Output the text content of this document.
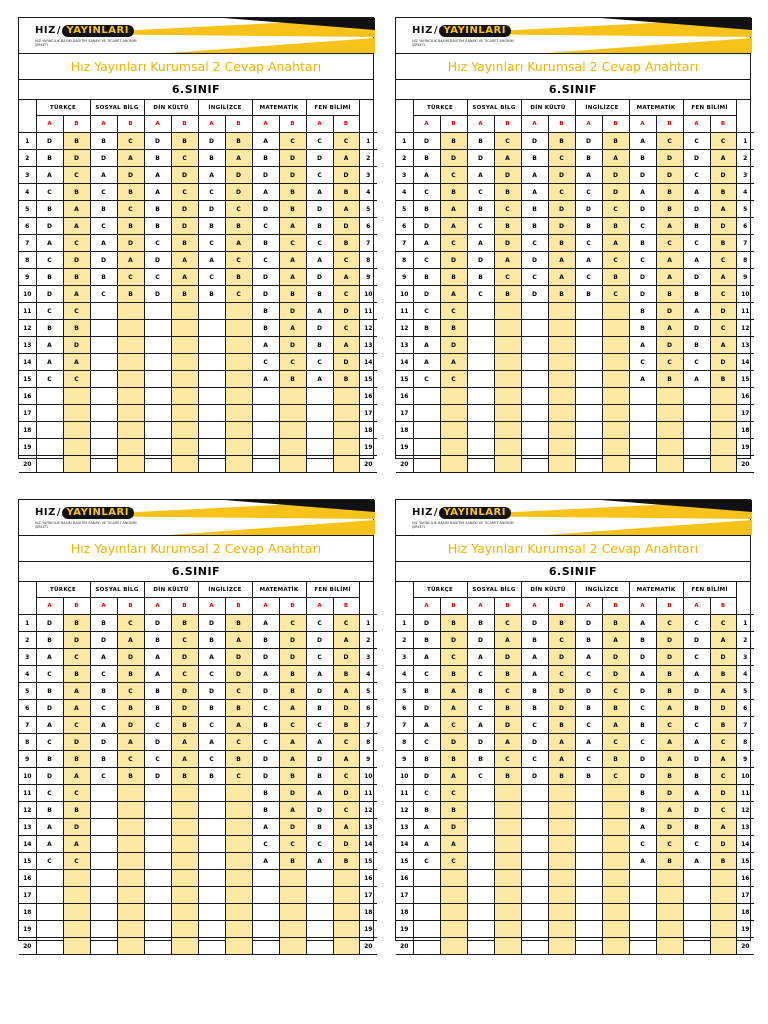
HIZ / YAYINLARI
HIZ YAYINCILIK BASIM DAĞITIM SANAYİ VE TİCARET ANONİM ŞİRKETİ
Hız Yayınları Kurumsal 2 Cevap Anahtarı
6.SINIF
	TÜRKÇE		SOSYAL BİLG		DİN KÜLTÜ		İNGİLİZCE		MATEMATİK		FEN BİLİMİ		
	A	B	A	B	A	B	A	B	A	B	A	B	
1	D	B	B	C	D	B	D	B	A	C	C	C	1
2	B	D	D	A	B	C	B	A	B	D	D	A	2
3	A	C	A	D	A	D	A	D	D	D	C	D	3
4	C	B	C	B	A	C	C	D	A	B	A	B	4
5	B	A	B	C	B	D	D	C	D	B	D	A	5
6	D	A	C	B	B	D	B	B	C	A	B	D	6
7	A	C	A	D	C	B	C	A	B	C	C	B	7
8	C	D	D	A	D	A	A	C	C	A	A	C	8
9	B	B	B	C	C	A	C	B	D	A	D	A	9
10	D	A	C	B	D	B	B	C	D	B	B	C	10
11	C	C							B	D	A	D	11
12	B	B							B	A	D	C	12
13	A	D							A	D	B	A	13
14	A	A							C	C	C	D	14
15	C	C							A	B	A	B	15
16													16
17													17
18													18
19													19
20													20
HIZ / YAYINLARI
HIZ YAYINCILIK BASIM DAĞITIM SANAYİ VE TİCARET ANONİM ŞİRKETİ
Hız Yayınları Kurumsal 2 Cevap Anahtarı
6.SINIF
	TÜRKÇE		SOSYAL BİLG		DİN KÜLTÜ		İNGİLİZCE		MATEMATİK		FEN BİLİMİ		
	A	B	A	B	A	B	A	B	A	B	A	B	
1	D	B	B	C	D	B	D	B	A	C	C	C	1
2	B	D	D	A	B	C	B	A	B	D	D	A	2
3	A	C	A	D	A	D	A	D	D	D	C	D	3
4	C	B	C	B	A	C	C	D	A	B	A	B	4
5	B	A	B	C	B	D	D	C	D	B	D	A	5
6	D	A	C	B	B	D	B	B	C	A	B	D	6
7	A	C	A	D	C	B	C	A	B	C	C	B	7
8	C	D	D	A	D	A	A	C	C	A	A	C	8
9	B	B	B	C	C	A	C	B	D	A	D	A	9
10	D	A	C	B	D	B	B	C	D	B	B	C	10
11	C	C							B	D	A	D	11
12	B	B							B	A	D	C	12
13	A	D							A	D	B	A	13
14	A	A							C	C	C	D	14
15	C	C							A	B	A	B	15
16													16
17													17
18													18
19													19
20													20
HIZ / YAYINLARI
HIZ YAYINCILIK BASIM DAĞITIM SANAYİ VE TİCARET ANONİM ŞİRKETİ
Hız Yayınları Kurumsal 2 Cevap Anahtarı
6.SINIF
	TÜRKÇE		SOSYAL BİLG		DİN KÜLTÜ		İNGİLİZCE		MATEMATİK		FEN BİLİMİ		
	A	B	A	B	A	B	A	B	A	B	A	B	
1	D	B	B	C	D	B	D	B	A	C	C	C	1
2	B	D	D	A	B	C	B	A	B	D	D	A	2
3	A	C	A	D	A	D	A	D	D	D	C	D	3
4	C	B	C	B	A	C	C	D	A	B	A	B	4
5	B	A	B	C	B	D	D	C	D	B	D	A	5
6	D	A	C	B	B	D	B	B	C	A	B	D	6
7	A	C	A	D	C	B	C	A	B	C	C	B	7
8	C	D	D	A	D	A	A	C	C	A	A	C	8
9	B	B	B	C	C	A	C	B	D	A	D	A	9
10	D	A	C	B	D	B	B	C	D	B	B	C	10
11	C	C							B	D	A	D	11
12	B	B							B	A	D	C	12
13	A	D							A	D	B	A	13
14	A	A							C	C	C	D	14
15	C	C							A	B	A	B	15
16													16
17													17
18													18
19													19
20													20
HIZ / YAYINLARI
HIZ YAYINCILIK BASIM DAĞITIM SANAYİ VE TİCARET ANONİM ŞİRKETİ
Hız Yayınları Kurumsal 2 Cevap Anahtarı
6.SINIF
	TÜRKÇE		SOSYAL BİLG		DİN KÜLTÜ		İNGİLİZCE		MATEMATİK		FEN BİLİMİ		
	A	B	A	B	A	B	A	B	A	B	A	B	
1	D	B	B	C	D	B	D	B	A	C	C	C	1
2	B	D	D	A	B	C	B	A	B	D	D	A	2
3	A	C	A	D	A	D	A	D	D	D	C	D	3
4	C	B	C	B	A	C	C	D	A	B	A	B	4
5	B	A	B	C	B	D	D	C	D	B	D	A	5
6	D	A	C	B	B	D	B	B	C	A	B	D	6
7	A	C	A	D	C	B	C	A	B	C	C	B	7
8	C	D	D	A	D	A	A	C	C	A	A	C	8
9	B	B	B	C	C	A	C	B	D	A	D	A	9
10	D	A	C	B	D	B	B	C	D	B	B	C	10
11	C	C							B	D	A	D	11
12	B	B							B	A	D	C	12
13	A	D							A	D	B	A	13
14	A	A							C	C	C	D	14
15	C	C							A	B	A	B	15
16													16
17													17
18													18
19													19
20													20
